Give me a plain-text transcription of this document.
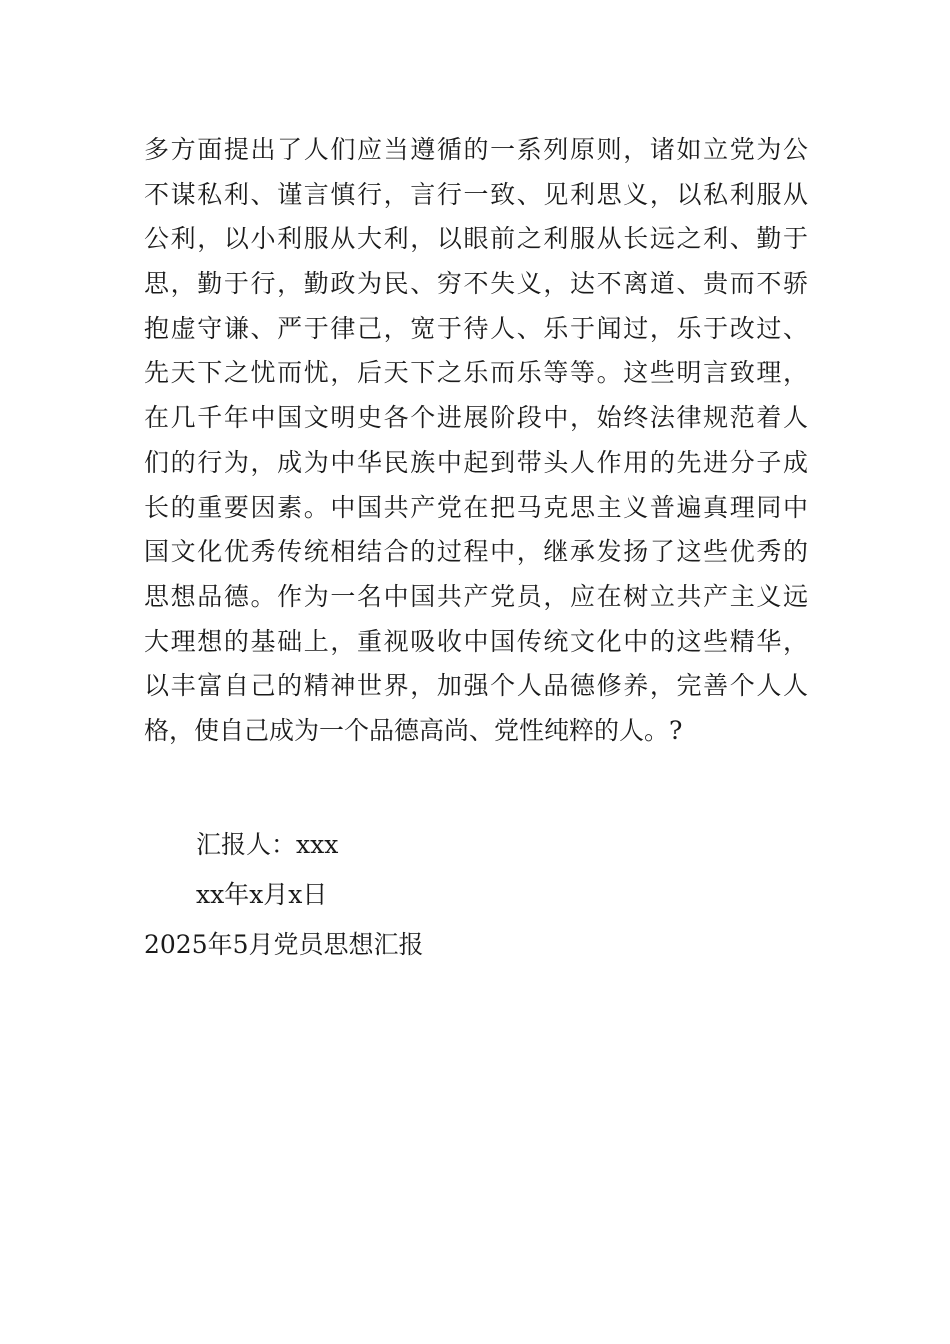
多方面提出了人们应当遵循的一系列原则，诸如立党为公
不谋私利、谨言慎行，言行一致、见利思义，以私利服从
公利，以小利服从大利，以眼前之利服从长远之利、勤于
思，勤于行，勤政为民、穷不失义，达不离道、贵而不骄
抱虚守谦、严于律己，宽于待人、乐于闻过，乐于改过、
先天下之忧而忧，后天下之乐而乐等等。这些明言致理，
在几千年中国文明史各个进展阶段中，始终法律规范着人
们的行为，成为中华民族中起到带头人作用的先进分子成
长的重要因素。中国共产党在把马克思主义普遍真理同中
国文化优秀传统相结合的过程中，继承发扬了这些优秀的
思想品德。作为一名中国共产党员，应在树立共产主义远
大理想的基础上，重视吸收中国传统文化中的这些精华，
以丰富自己的精神世界，加强个人品德修养，完善个人人
格，使自己成为一个品德高尚、党性纯粹的人。?
汇报人：xxx
xx年x月x日
2025年5月党员思想汇报
